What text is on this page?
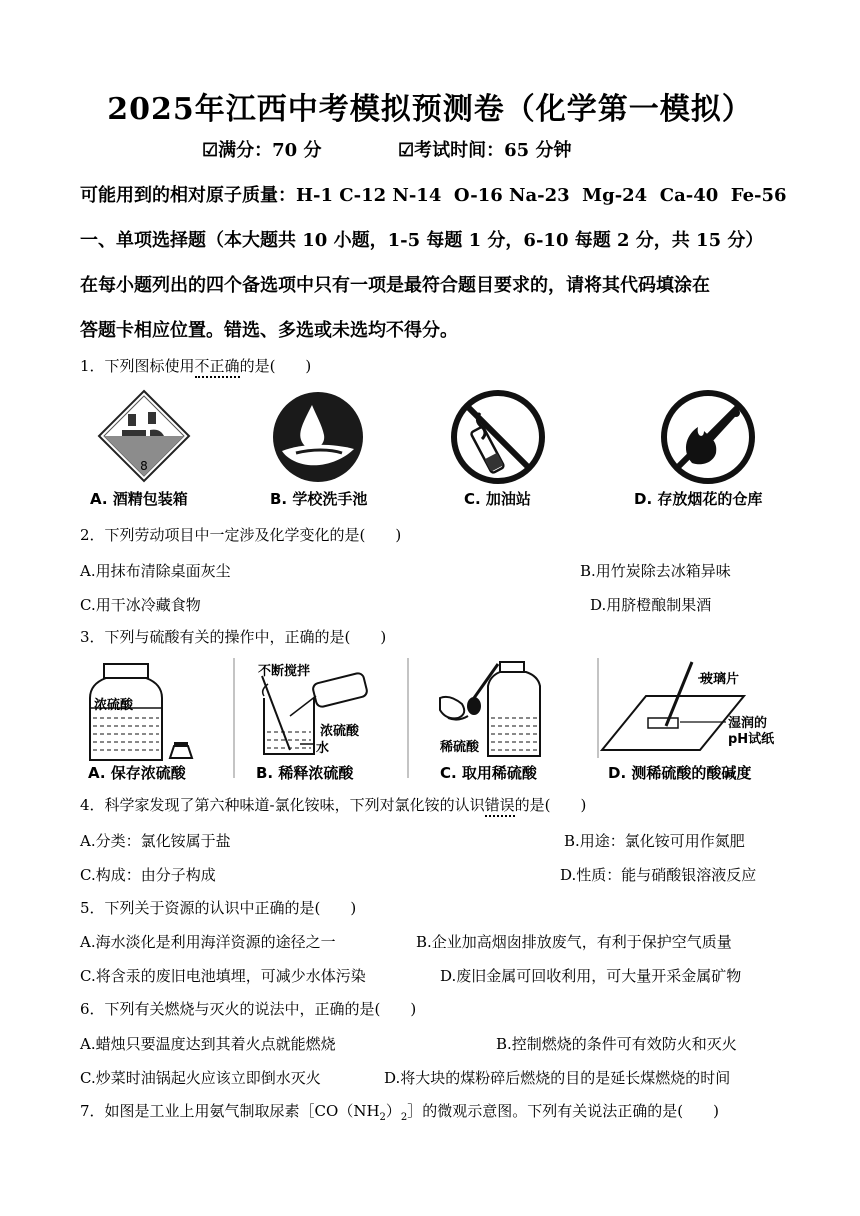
2025年江西中考模拟预测卷（化学第一模拟）
☑满分：70 分	☑考试时间：65 分钟
可能用到的相对原子质量：H-1 C-12 N-14  O-16 Na-23  Mg-24  Ca-40  Fe-56
一、单项选择题（本大题共 10 小题，1-5 每题 1 分，6-10 每题 2 分，共 15 分）
在每小题列出的四个备选项中只有一项是最符合题目要求的，请将其代码填涂在
答题卡相应位置。错选、多选或未选均不得分。
1．下列图标使用不正确的是(　　)
8
A. 酒精包装箱	B. 学校洗手池	C. 加油站	D. 存放烟花的仓库
2．下列劳动项目中一定涉及化学变化的是(　　)
A.用抹布清除桌面灰尘	B.用竹炭除去冰箱异味
C.用干冰冷藏食物	D.用脐橙酿制果酒
3．下列与硫酸有关的操作中，正确的是(　　)
浓硫酸
A. 保存浓硫酸
不断搅拌
浓硫酸
水
B. 稀释浓硫酸
稀硫酸
C. 取用稀硫酸
玻璃片
湿润的
pH试纸
D. 测稀硫酸的酸碱度
4．科学家发现了第六种味道-氯化铵味，下列对氯化铵的认识错误的是(　　)
A.分类：氯化铵属于盐	B.用途：氯化铵可用作氮肥
C.构成：由分子构成	D.性质：能与硝酸银溶液反应
5．下列关于资源的认识中正确的是(　　)
A.海水淡化是利用海洋资源的途径之一	B.企业加高烟囱排放废气，有利于保护空气质量
C.将含汞的废旧电池填埋，可减少水体污染	D.废旧金属可回收利用，可大量开采金属矿物
6．下列有关燃烧与灭火的说法中，正确的是(　　)
A.蜡烛只要温度达到其着火点就能燃烧	B.控制燃烧的条件可有效防火和灭火
C.炒菜时油锅起火应该立即倒水灭火	D.将大块的煤粉碎后燃烧的目的是延长煤燃烧的时间
7．如图是工业上用氨气制取尿素$[CO(NH_2)_2]$的微观示意图。下列有关说法正确的是(　　)
